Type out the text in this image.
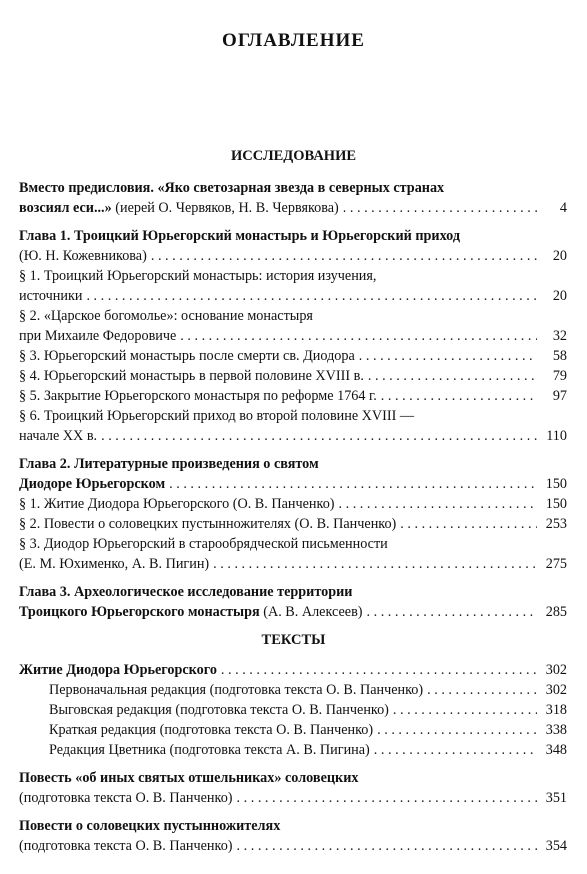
ОГЛАВЛЕНИЕ
ИССЛЕДОВАНИЕ
Вместо предисловия. «Яко светозарная звезда в северных странах
возсиял еси...» (иерей О. Червяков, Н. В. Червякова) . . .	4
Глава 1. Троицкий Юрьегорский монастырь и Юрьегорский приход
(Ю. Н. Кожевникова) . . .	20
§ 1. Троицкий Юрьегорский монастырь: история изучения,
источники . . .	20
§ 2. «Царское богомолье»: основание монастыря
при Михаиле Федоровиче . . .	32
§ 3. Юрьегорский монастырь после смерти св. Диодора . . .	58
§ 4. Юрьегорский монастырь в первой половине XVIII в. . . .	79
§ 5. Закрытие Юрьегорского монастыря по реформе 1764 г. . . .	97
§ 6. Троицкий Юрьегорский приход во второй половине XVIII —
начале XX в. . . .	110
Глава 2. Литературные произведения о святом
Диодоре Юрьегорском . . .	150
§ 1. Житие Диодора Юрьегорского (О. В. Панченко) . . .	150
§ 2. Повести о соловецких пустынножителях (О. В. Панченко) . . .	253
§ 3. Диодор Юрьегорский в старообрядческой письменности
(Е. М. Юхименко, А. В. Пигин) . . .	275
Глава 3. Археологическое исследование территории
Троицкого Юрьегорского монастыря (А. В. Алексеев) . . .	285
ТЕКСТЫ
Житие Диодора Юрьегорского . . .	302
Первоначальная редакция (подготовка текста О. В. Панченко) . . .	302
Выговская редакция (подготовка текста О. В. Панченко) . . .	318
Краткая редакция (подготовка текста О. В. Панченко) . . .	338
Редакция Цветника (подготовка текста А. В. Пигина) . . .	348
Повесть «об иных святых отшельниках» соловецких
(подготовка текста О. В. Панченко) . . .	351
Повести о соловецких пустынножителях
(подготовка текста О. В. Панченко) . . .	354
